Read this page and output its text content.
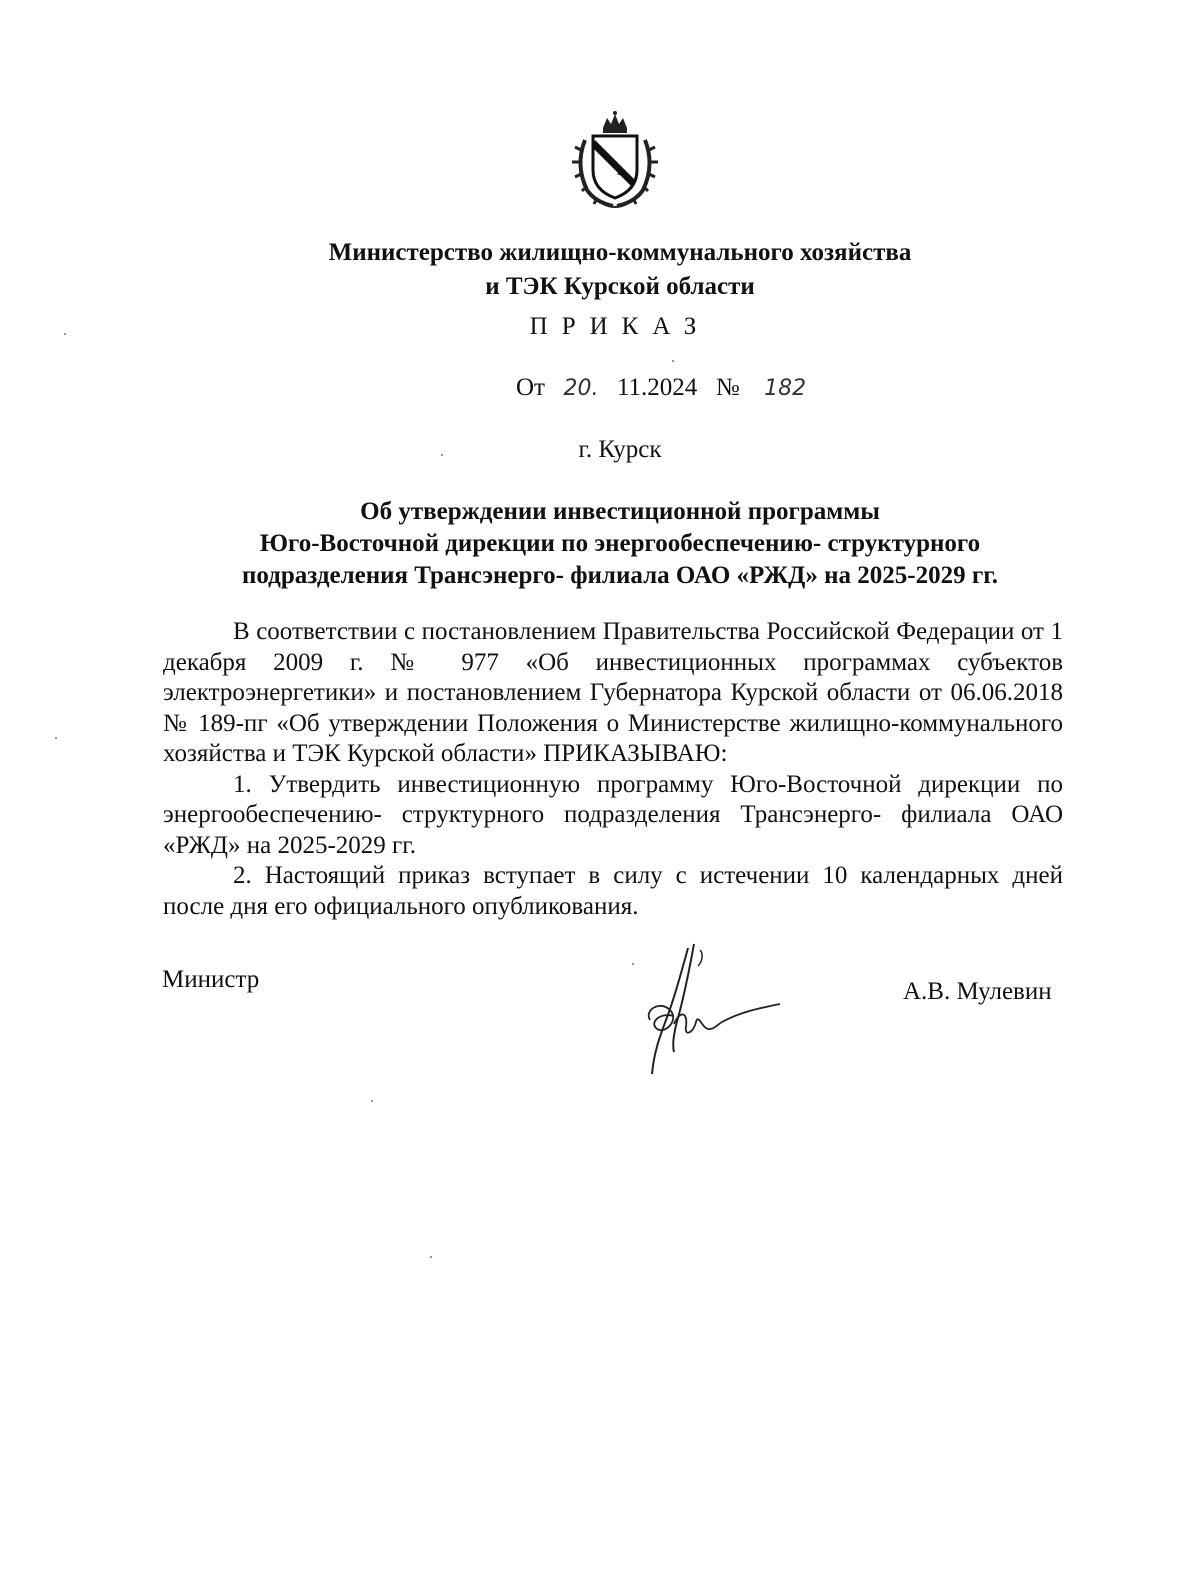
Министерство жилищно-коммунального хозяйства
и ТЭК Курской области
ПРИКАЗ
От 20. 11.2024 № 182
г. Курск
Об утверждении инвестиционной программы
Юго-Восточной дирекции по энергообеспечению- структурного
подразделения Трансэнерго- филиала ОАО «РЖД» на 2025-2029 гг.

В соответствии с постановлением Правительства Российской Федерации от 1 декабря 2009 г. № 977 «Об инвестиционных программах субъектов электроэнергетики» и постановлением Губернатора Курской области от 06.06.2018 № 189-пг «Об утверждении Положения о Министерстве жилищно-коммунального хозяйства и ТЭК Курской области» ПРИКАЗЫВАЮ:

1. Утвердить инвестиционную программу Юго-Восточной дирекции по энергообеспечению- структурного подразделения Трансэнерго- филиала ОАО «РЖД» на 2025-2029 гг.

2. Настоящий приказ вступает в силу с истечении 10 календарных дней после дня его официального опубликования.

Министр	А.В. Мулевин
